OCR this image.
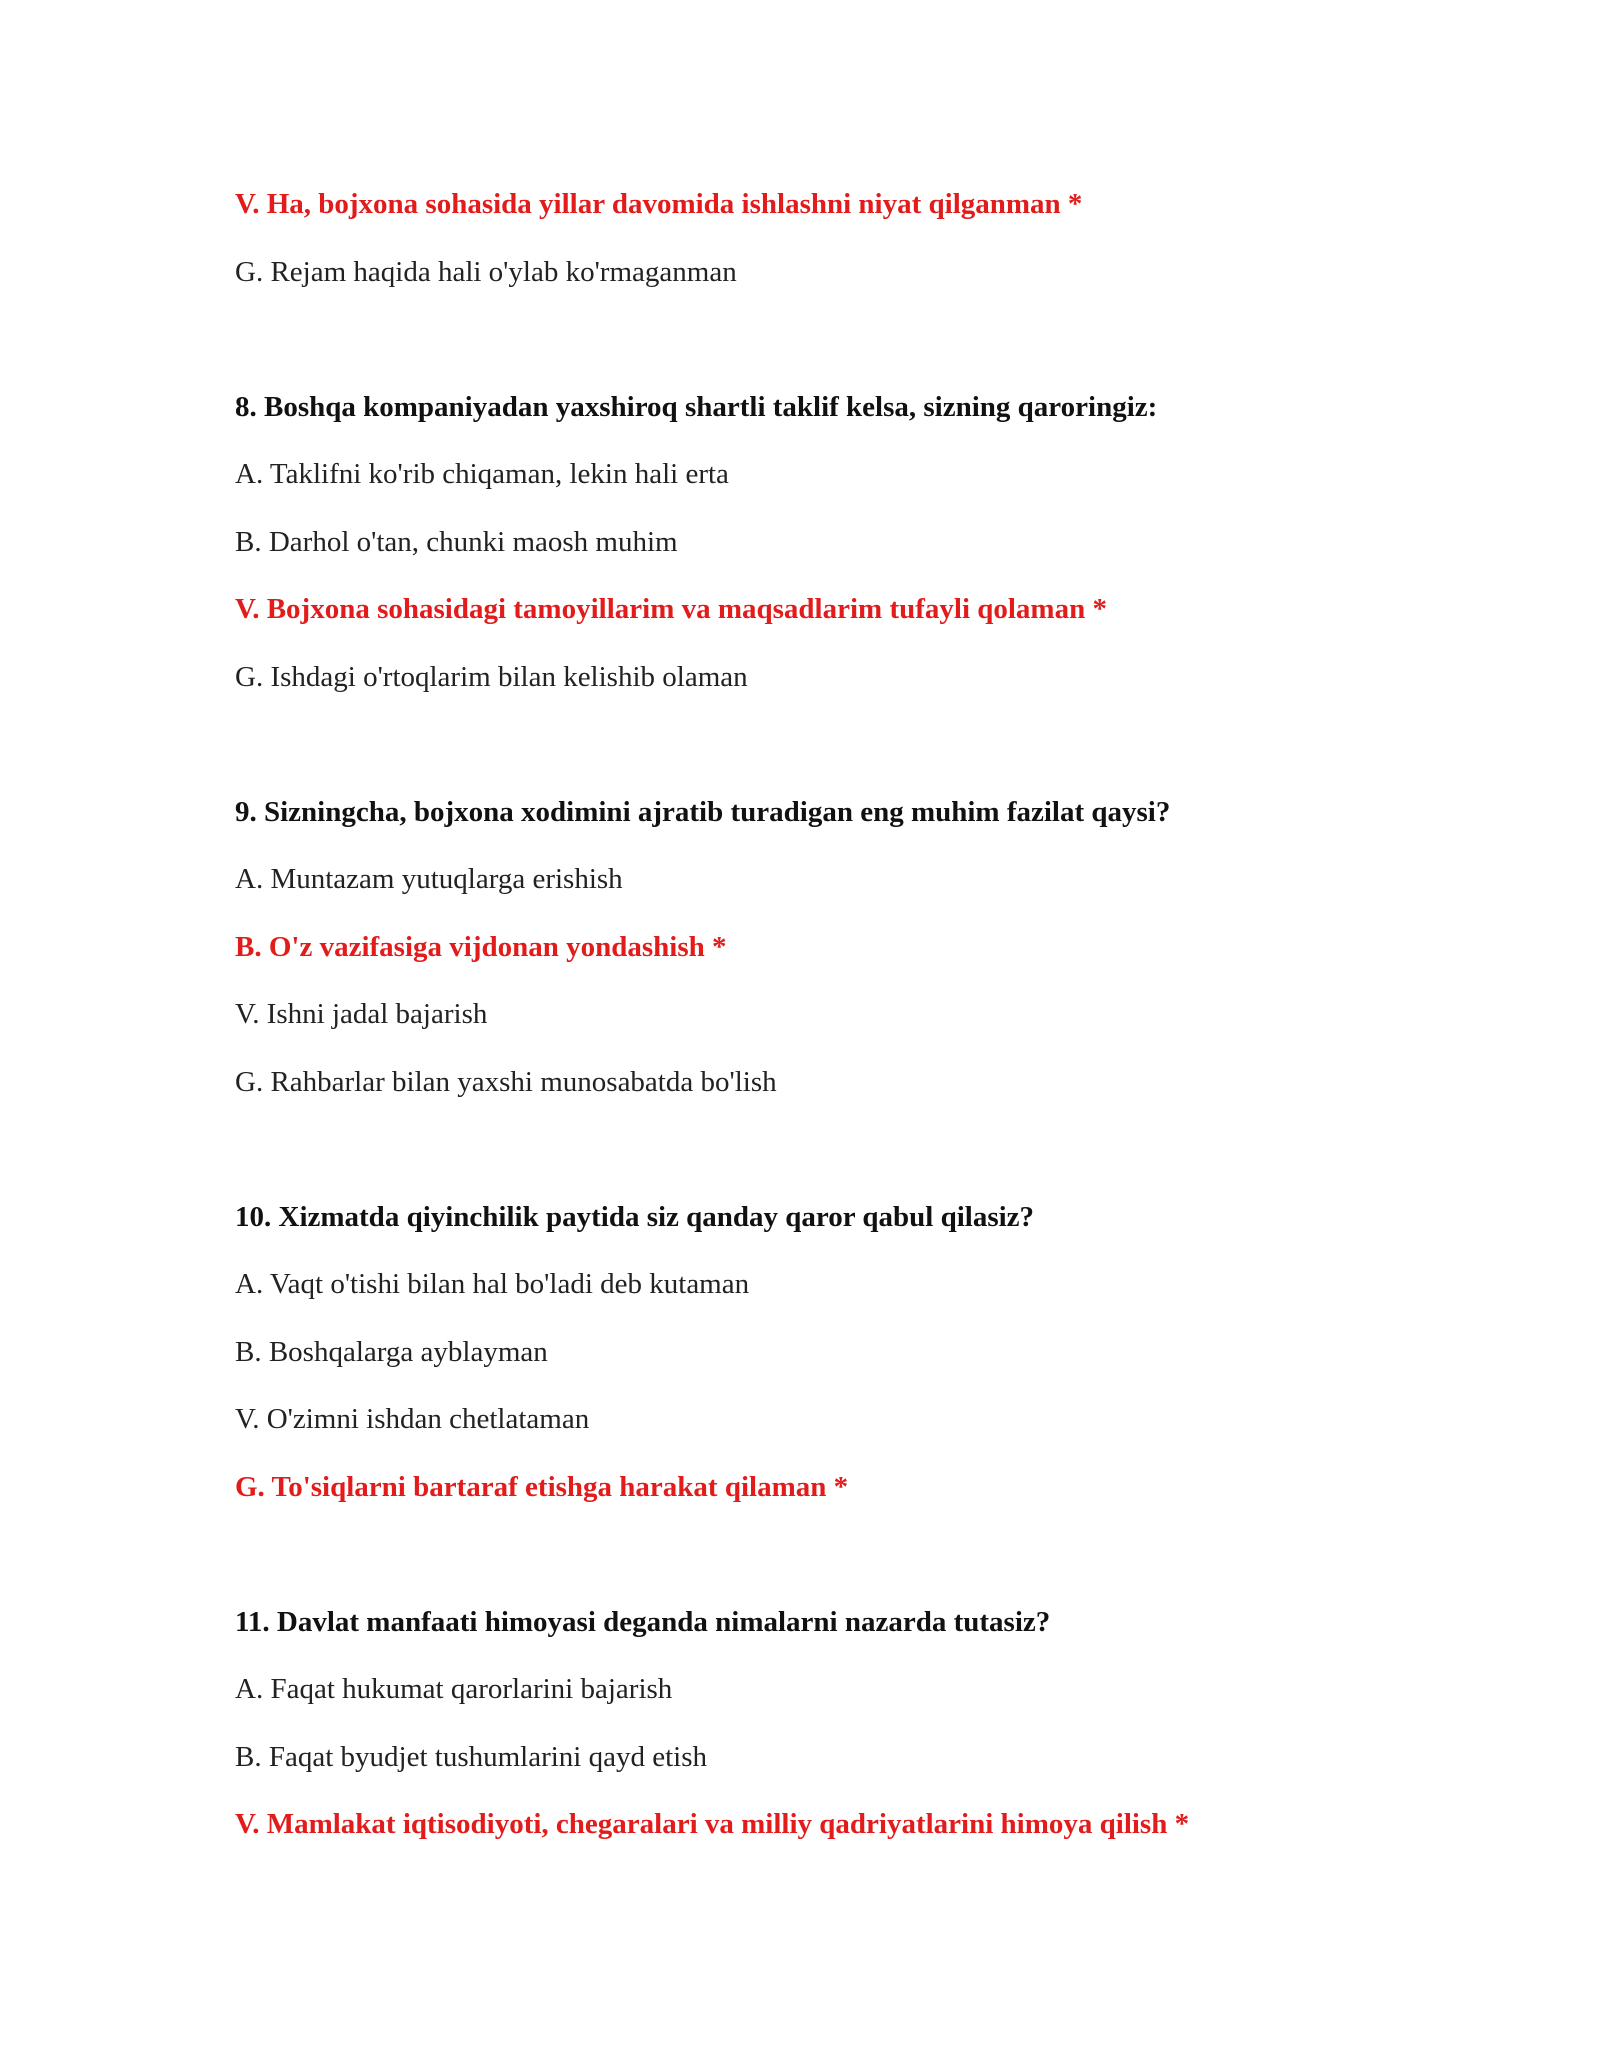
V. Ha, bojxona sohasida yillar davomida ishlashni niyat qilganman *

G. Rejam haqida hali o'ylab ko'rmaganman

8. Boshqa kompaniyadan yaxshiroq shartli taklif kelsa, sizning qaroringiz:

A. Taklifni ko'rib chiqaman, lekin hali erta

B. Darhol o'tan, chunki maosh muhim

V. Bojxona sohasidagi tamoyillarim va maqsadlarim tufayli qolaman *

G. Ishdagi o'rtoqlarim bilan kelishib olaman

9. Sizningcha, bojxona xodimini ajratib turadigan eng muhim fazilat qaysi?

A. Muntazam yutuqlarga erishish

B. O'z vazifasiga vijdonan yondashish *

V. Ishni jadal bajarish

G. Rahbarlar bilan yaxshi munosabatda bo'lish

10. Xizmatda qiyinchilik paytida siz qanday qaror qabul qilasiz?

A. Vaqt o'tishi bilan hal bo'ladi deb kutaman

B. Boshqalarga ayblayman

V. O'zimni ishdan chetlataman

G. To'siqlarni bartaraf etishga harakat qilaman *

11. Davlat manfaati himoyasi deganda nimalarni nazarda tutasiz?

A. Faqat hukumat qarorlarini bajarish

B. Faqat byudjet tushumlarini qayd etish

V. Mamlakat iqtisodiyoti, chegaralari va milliy qadriyatlarini himoya qilish *
